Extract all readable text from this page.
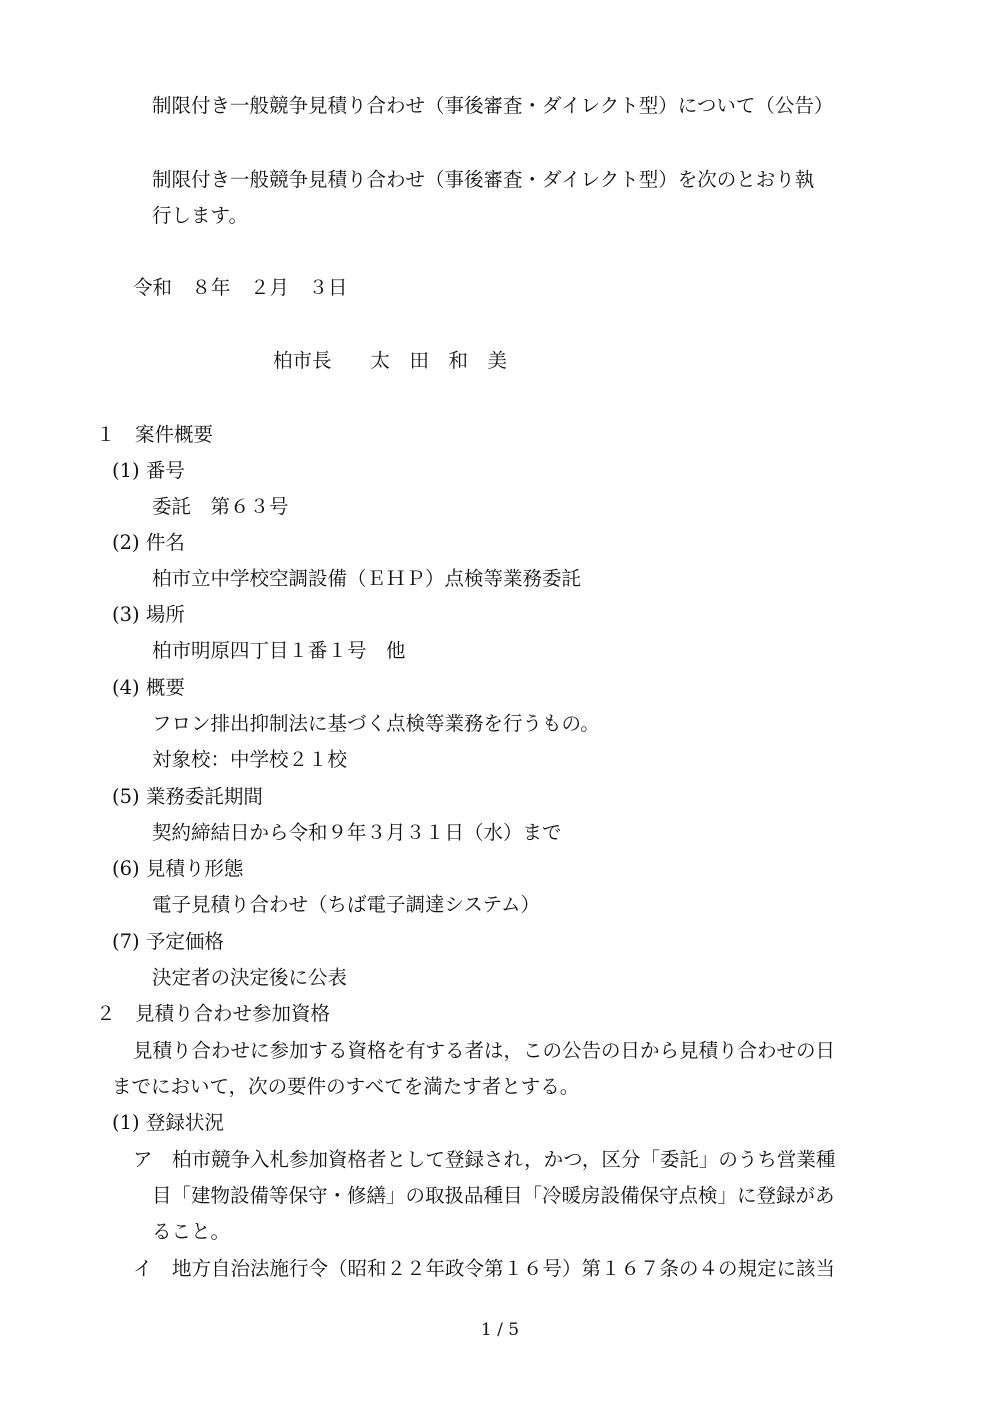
制限付き一般競争見積り合わせ（事後審査・ダイレクト型）について（公告）
制限付き一般競争見積り合わせ（事後審査・ダイレクト型）を次のとおり執
行します。
令和　８年　２月　３日
柏市長　　太　田　和　美
１　案件概要
(1) 番号
委託　第６３号
(2) 件名
柏市立中学校空調設備（ＥＨＰ）点検等業務委託
(3) 場所
柏市明原四丁目１番１号　他
(4) 概要
フロン排出抑制法に基づく点検等業務を行うもの。
対象校：中学校２１校
(5) 業務委託期間
契約締結日から令和９年３月３１日（水）まで
(6) 見積り形態
電子見積り合わせ（ちば電子調達システム）
(7) 予定価格
決定者の決定後に公表
２　見積り合わせ参加資格
見積り合わせに参加する資格を有する者は，この公告の日から見積り合わせの日
までにおいて，次の要件のすべてを満たす者とする。
(1) 登録状況
ア　柏市競争入札参加資格者として登録され，かつ，区分「委託」のうち営業種
目「建物設備等保守・修繕」の取扱品種目「冷暖房設備保守点検」に登録があ
ること。
イ　地方自治法施行令（昭和２２年政令第１６号）第１６７条の４の規定に該当
1 / 5
